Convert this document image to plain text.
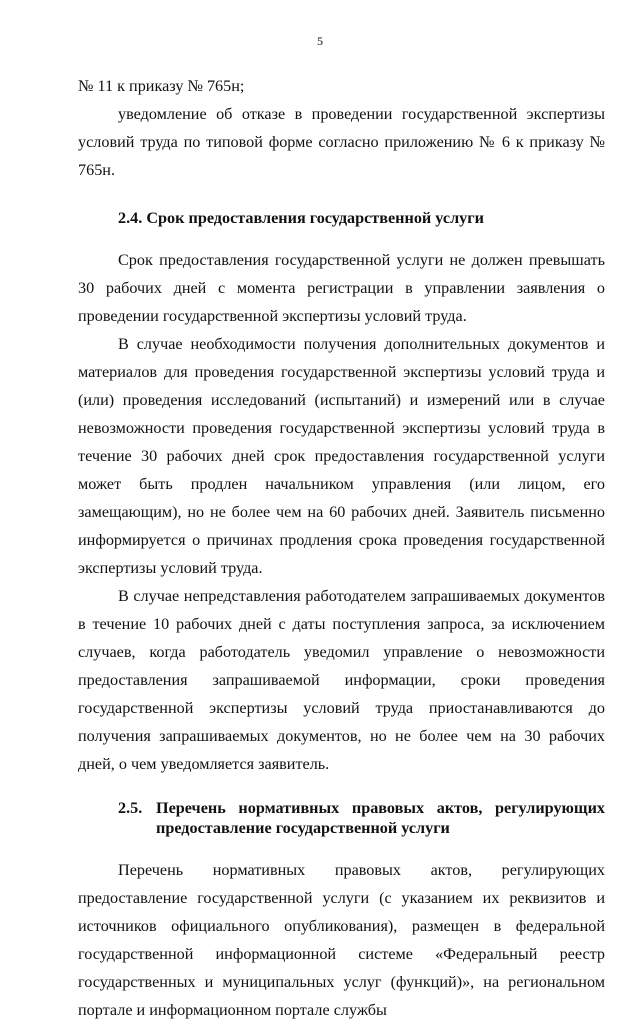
5

№ 11 к приказу № 765н;

уведомление об отказе в проведении государственной экспертизы условий труда по типовой форме согласно приложению № 6 к приказу № 765н.

2.4. Срок предоставления государственной услуги

Срок предоставления государственной услуги не должен превышать 30 рабочих дней с момента регистрации в управлении заявления о проведении государственной экспертизы условий труда.

В случае необходимости получения дополнительных документов и материалов для проведения государственной экспертизы условий труда и (или) проведения исследований (испытаний) и измерений или в случае невозможности проведения государственной экспертизы условий труда в течение 30 рабочих дней срок предоставления государственной услуги может быть продлен начальником управления (или лицом, его замещающим), но не более чем на 60 рабочих дней. Заявитель письменно информируется о причинах продления срока проведения государственной экспертизы условий труда.

В случае непредставления работодателем запрашиваемых документов в течение 10 рабочих дней с даты поступления запроса, за исключением случаев, когда работодатель уведомил управление о невозможности предоставления запрашиваемой информации, сроки проведения государственной экспертизы условий труда приостанавливаются до получения запрашиваемых документов, но не более чем на 30 рабочих дней, о чем уведомляется заявитель.

2.5. Перечень нормативных правовых актов, регулирующих предоставление государственной услуги

Перечень нормативных правовых актов, регулирующих предоставление государственной услуги (с указанием их реквизитов и источников официального опубликования), размещен в федеральной государственной информационной системе «Федеральный реестр государственных и муниципальных услуг (функций)», на региональном портале и информационном портале службы
